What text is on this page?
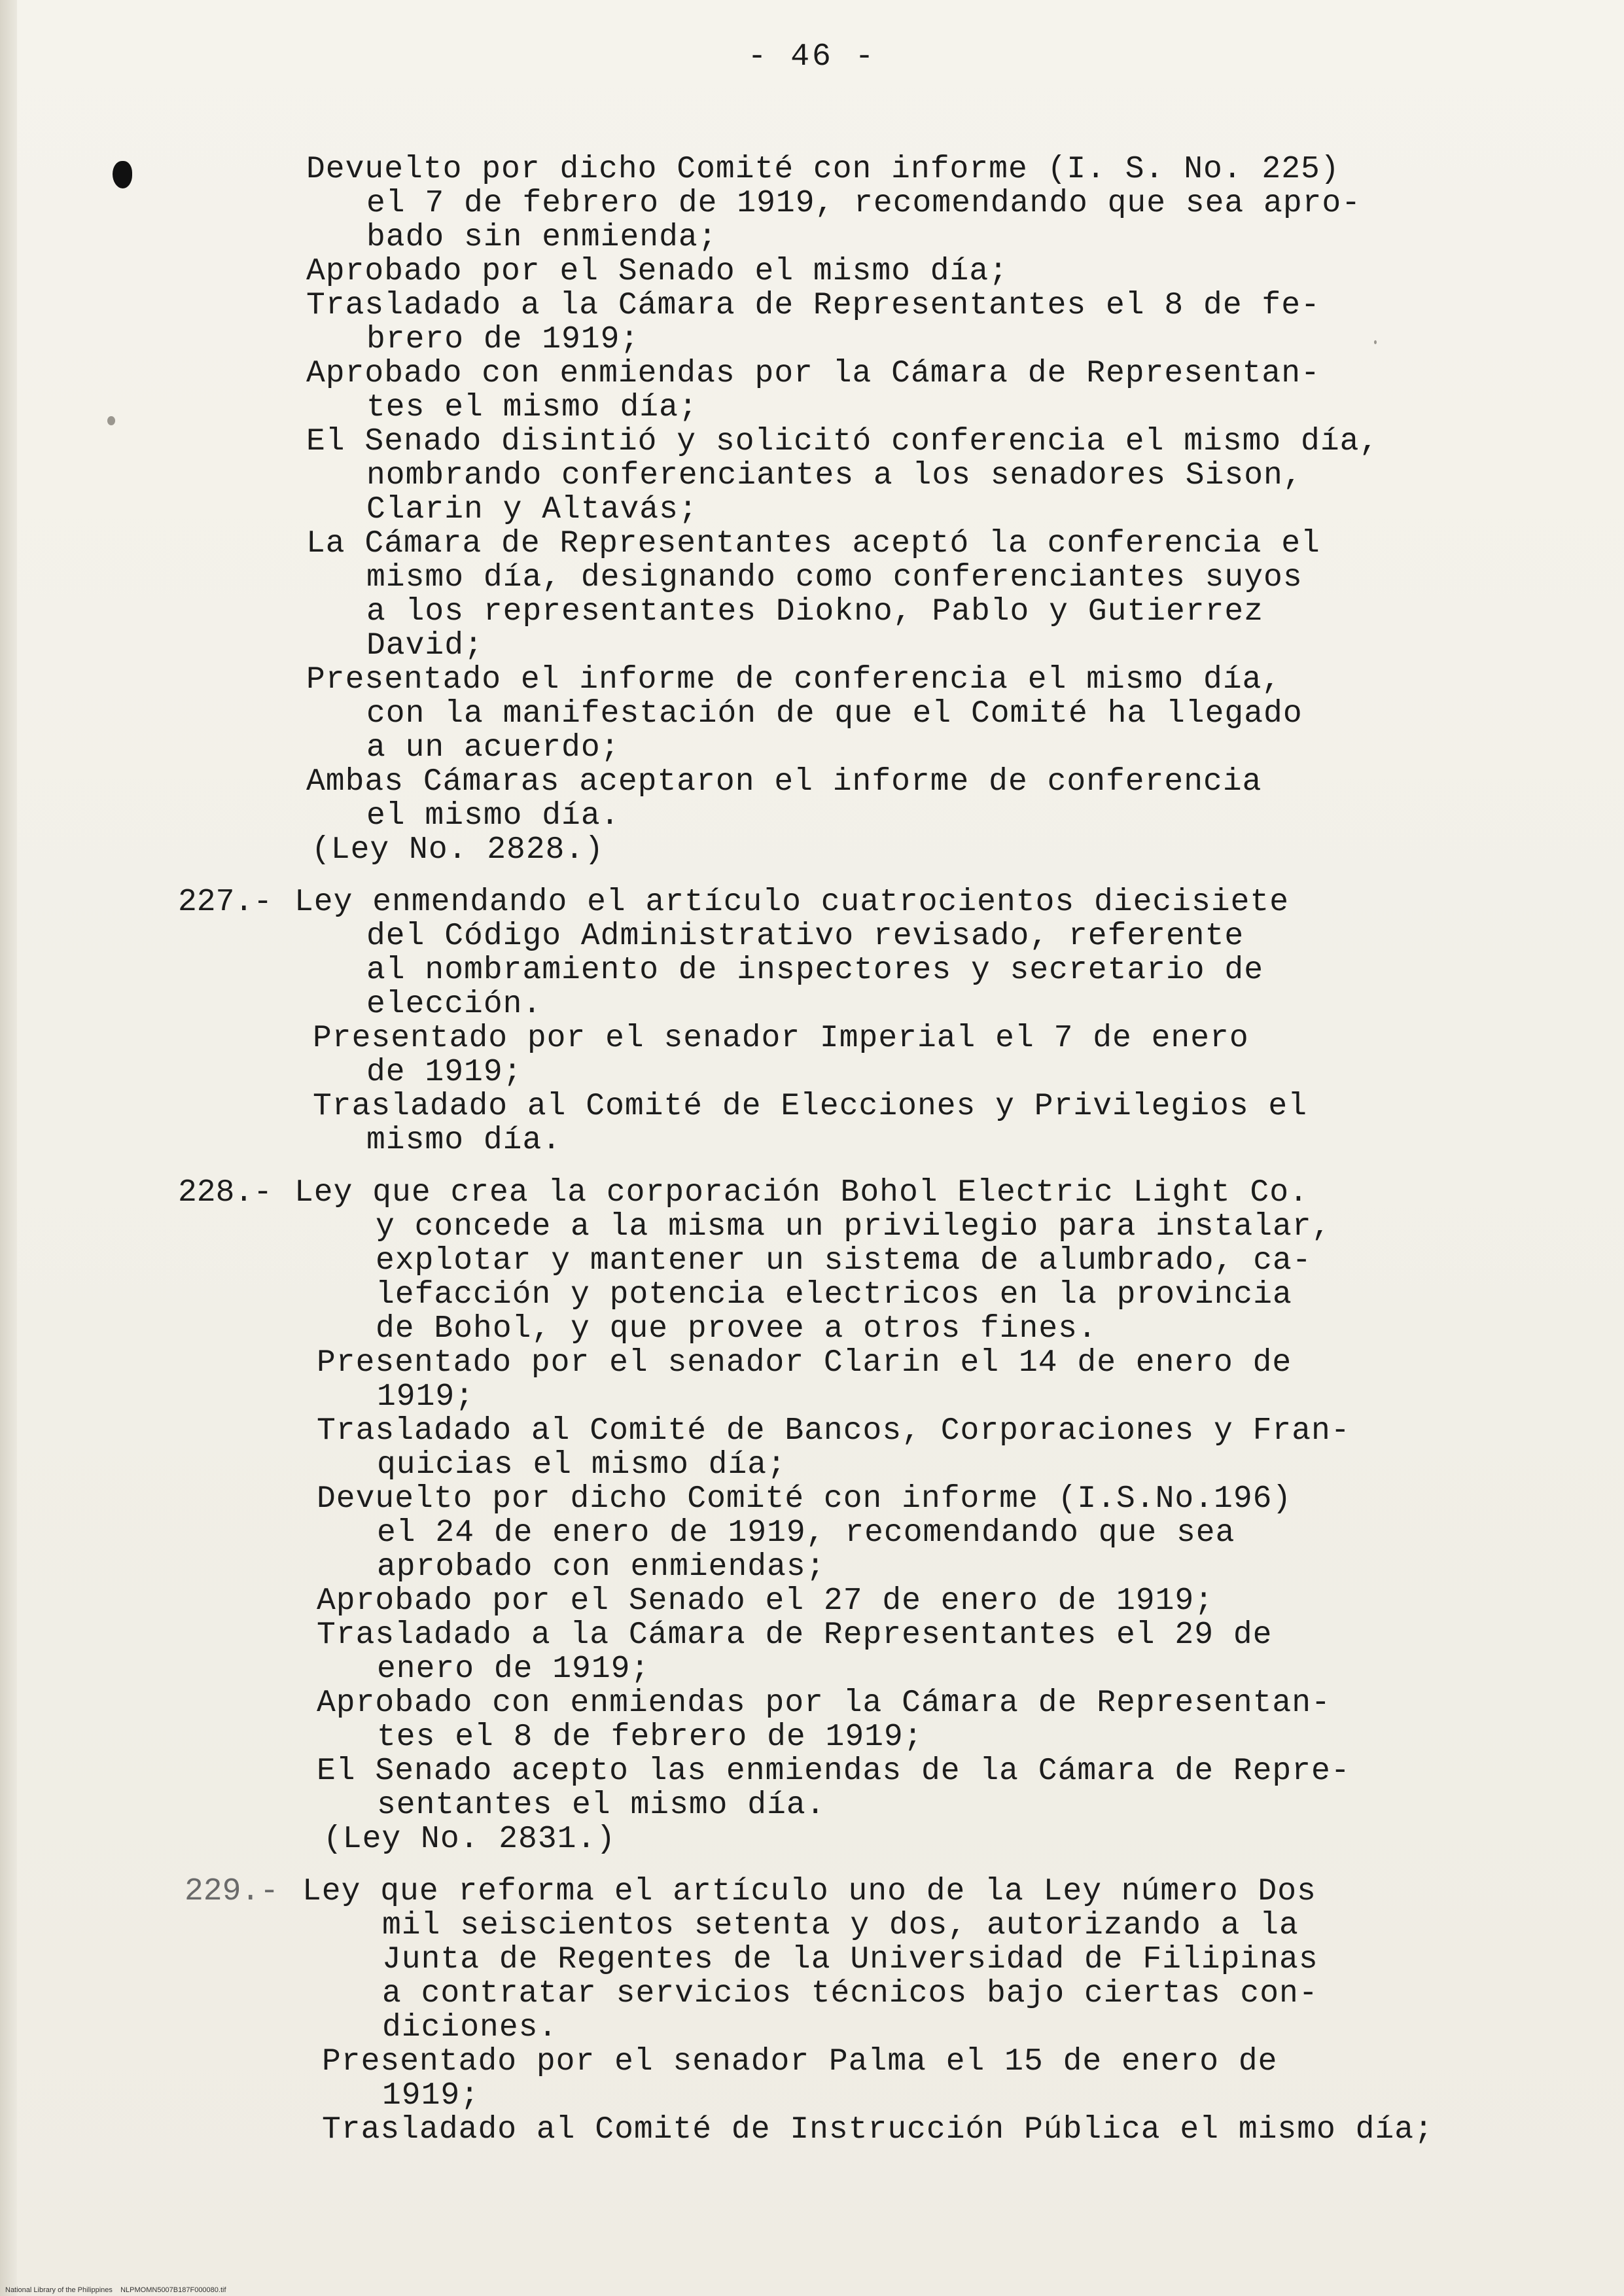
- 46 -
Devuelto por dicho Comité con informe (I. S. No. 225)
el 7 de febrero de 1919, recomendando que sea apro-
bado sin enmienda;
Aprobado por el Senado el mismo día;
Trasladado a la Cámara de Representantes el 8 de fe-
brero de 1919;
Aprobado con enmiendas por la Cámara de Representan-
tes el mismo día;
El Senado disintió y solicitó conferencia el mismo día,
nombrando conferenciantes a los senadores Sison,
Clarin y Altavás;
La Cámara de Representantes aceptó la conferencia el
mismo día, designando como conferenciantes suyos
a los representantes Diokno, Pablo y Gutierrez
David;
Presentado el informe de conferencia el mismo día,
con la manifestación de que el Comité ha llegado
a un acuerdo;
Ambas Cámaras aceptaron el informe de conferencia
el mismo día.
(Ley No. 2828.)
227.- Ley enmendando el artículo cuatrocientos diecisiete
del Código Administrativo revisado, referente
al nombramiento de inspectores y secretario de
elección.
Presentado por el senador Imperial el 7 de enero
de 1919;
Trasladado al Comité de Elecciones y Privilegios el
mismo día.
228.- Ley que crea la corporación Bohol Electric Light Co.
y concede a la misma un privilegio para instalar,
explotar y mantener un sistema de alumbrado, ca-
lefacción y potencia electricos en la provincia
de Bohol, y que provee a otros fines.
Presentado por el senador Clarin el 14 de enero de
1919;
Trasladado al Comité de Bancos, Corporaciones y Fran-
quicias el mismo día;
Devuelto por dicho Comité con informe (I.S.No.196)
el 24 de enero de 1919, recomendando que sea
aprobado con enmiendas;
Aprobado por el Senado el 27 de enero de 1919;
Trasladado a la Cámara de Representantes el 29 de
enero de 1919;
Aprobado con enmiendas por la Cámara de Representan-
tes el 8 de febrero de 1919;
El Senado acepto las enmiendas de la Cámara de Repre-
sentantes el mismo día.
(Ley No. 2831.)
229.- Ley que reforma el artículo uno de la Ley número Dos
mil seiscientos setenta y dos, autorizando a la
Junta de Regentes de la Universidad de Filipinas
a contratar servicios técnicos bajo ciertas con-
diciones.
Presentado por el senador Palma el 15 de enero de
1919;
Trasladado al Comité de Instrucción Pública el mismo día;
National Library of the Philippines    NLPMOMN5007B187F000080.tif
